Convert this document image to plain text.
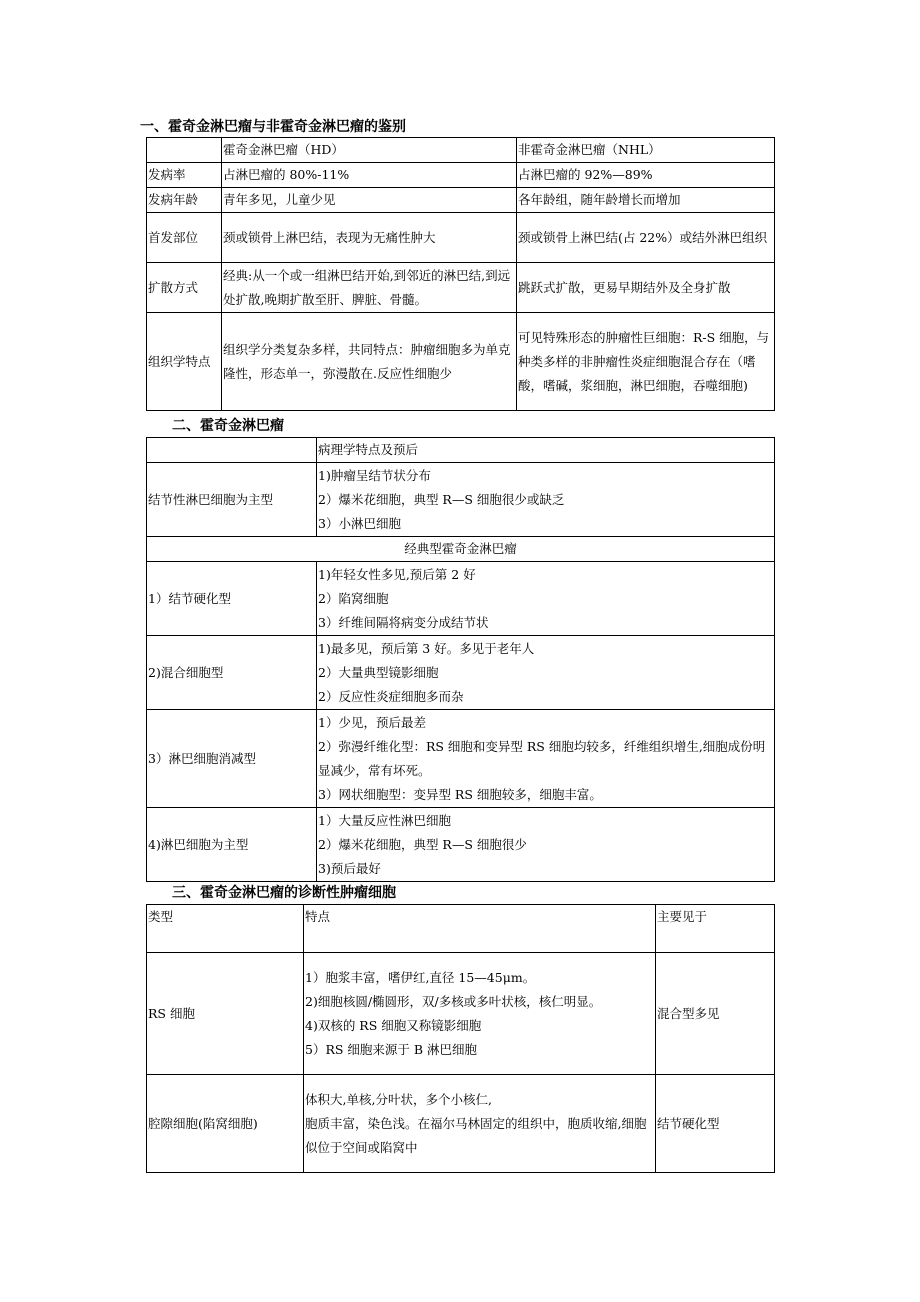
一、霍奇金淋巴瘤与非霍奇金淋巴瘤的鉴别
	霍奇金淋巴瘤（HD）	非霍奇金淋巴瘤（NHL）
发病率	占淋巴瘤的 80%-11%	占淋巴瘤的 92%—89%
发病年龄	青年多见，儿童少见	各年龄组，随年龄增长而增加
首发部位	颈或锁骨上淋巴结，表现为无痛性肿大	颈或锁骨上淋巴结(占 22%）或结外淋巴组织
扩散方式	经典:从一个或一组淋巴结开始,到邻近的淋巴结,到远处扩散,晚期扩散至肝、脾脏、骨髓。	跳跃式扩散，更易早期结外及全身扩散
组织学特点	组织学分类复杂多样，共同特点：肿瘤细胞多为单克隆性，形态单一，弥漫散在.反应性细胞少	可见特殊形态的肿瘤性巨细胞：R-S 细胞，与种类多样的非肿瘤性炎症细胞混合存在（嗜酸，嗜碱，浆细胞，淋巴细胞，吞噬细胞)
二、霍奇金淋巴瘤
	病理学特点及预后
结节性淋巴细胞为主型	1)肿瘤呈结节状分布
2）爆米花细胞，典型 R—S 细胞很少或缺乏
3）小淋巴细胞

经典型霍奇金淋巴瘤	
1）结节硬化型	1)年轻女性多见,预后第 2 好
2）陷窝细胞
3）纤维间隔将病变分成结节状

2)混合细胞型	1)最多见，预后第 3 好。多见于老年人
2）大量典型镜影细胞
2）反应性炎症细胞多而杂

3）淋巴细胞消减型	1）少见，预后最差
2）弥漫纤维化型：RS 细胞和变异型 RS 细胞均较多，纤维组织增生,细胞成份明显减少，常有坏死。
3）网状细胞型：变异型 RS 细胞较多，细胞丰富。

4)淋巴细胞为主型	1）大量反应性淋巴细胞
2）爆米花细胞，典型 R—S 细胞很少
3)预后最好
三、霍奇金淋巴瘤的诊断性肿瘤细胞
类型	特点	主要见于
RS 细胞	1）胞浆丰富，嗜伊红,直径 15—45μm。
2)细胞核圆/椭圆形，双/多核或多叶状核，核仁明显。
4)双核的 RS 细胞又称镜影细胞
5）RS 细胞来源于 B 淋巴细胞	混合型多见
腔隙细胞(陷窝细胞)	体积大,单核,分叶状，多个小核仁,
胞质丰富，染色浅。在福尔马林固定的组织中，胞质收缩,细胞似位于空间或陷窝中	结节硬化型
